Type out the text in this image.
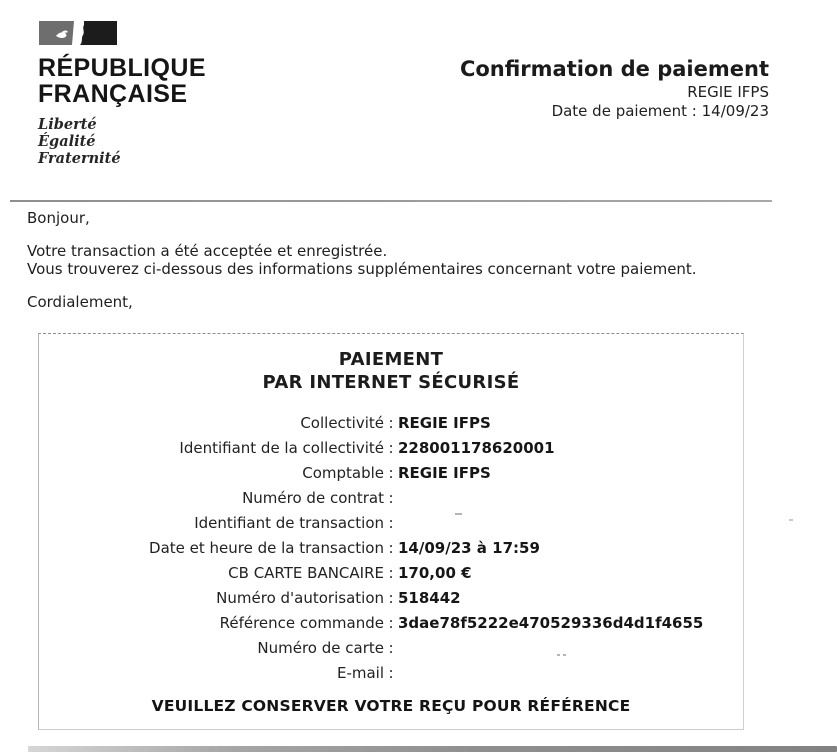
RÉPUBLIQUE
FRANÇAISE
Liberté
Égalité
Fraternité
Confirmation de paiement
REGIE IFPS
Date de paiement : 14/09/23

Bonjour,

Votre transaction a été acceptée et enregistrée.

Vous trouverez ci-dessous des informations supplémentaires concernant votre paiement.

Cordialement,

PAIEMENT
PAR INTERNET SÉCURISÉ
Collectivité : REGIE IFPS
Identifiant de la collectivité : 228001178620001
Comptable : REGIE IFPS
Numéro de contrat :
Identifiant de transaction :
Date et heure de la transaction : 14/09/23 à 17:59
CB CARTE BANCAIRE : 170,00 €
Numéro d'autorisation : 518442
Référence commande : 3dae78f5222e470529336d4d1f4655
Numéro de carte :
E-mail :
VEUILLEZ CONSERVER VOTRE REÇU POUR RÉFÉRENCE
